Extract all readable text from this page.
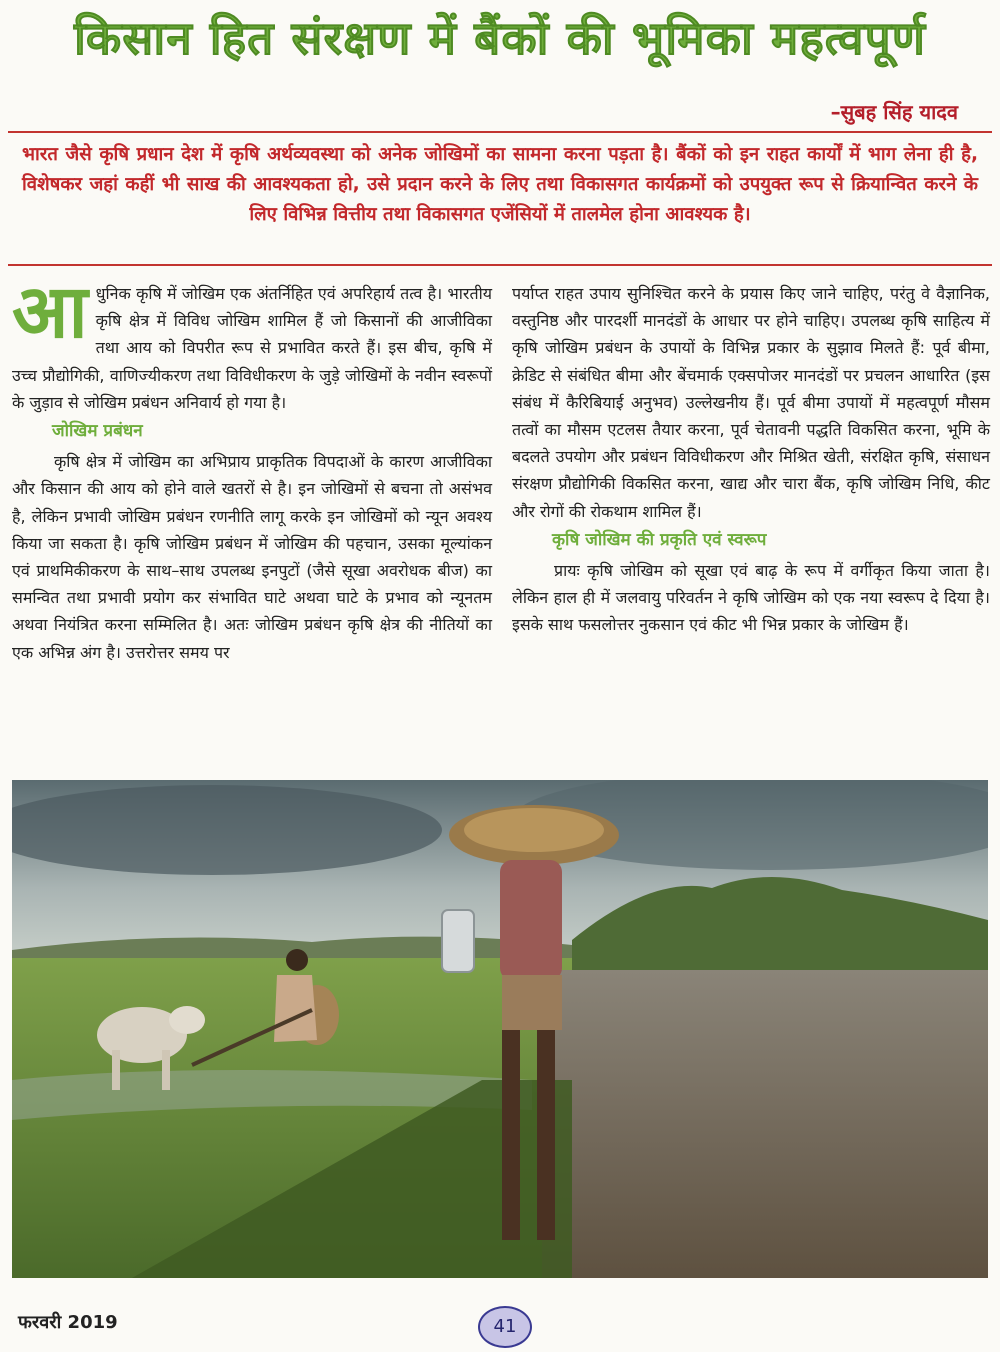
किसान हित संरक्षण में बैंकों की भूमिका महत्वपूर्ण
–सुबह सिंह यादव
भारत जैसे कृषि प्रधान देश में कृषि अर्थव्यवस्था को अनेक जोखिमों का सामना करना पड़ता है। बैंकों को इन राहत कार्यों में भाग लेना ही है, विशेषकर जहां कहीं भी साख की आवश्यकता हो, उसे प्रदान करने के लिए तथा विकासगत कार्यक्रमों को उपयुक्त रूप से क्रियान्वित करने के लिए विभिन्न वित्तीय तथा विकासगत एजेंसियों में तालमेल होना आवश्यक है।

आधुनिक कृषि में जोखिम एक अंतर्निहित एवं अपरिहार्य तत्व है। भारतीय कृषि क्षेत्र में विविध जोखिम शामिल हैं जो किसानों की आजीविका तथा आय को विपरीत रूप से प्रभावित करते हैं। इस बीच, कृषि में उच्च प्रौद्योगिकी, वाणिज्यीकरण तथा विविधीकरण के जुड़े जोखिमों के नवीन स्वरूपों के जुड़ाव से जोखिम प्रबंधन अनिवार्य हो गया है।

जोखिम प्रबंधन

कृषि क्षेत्र में जोखिम का अभिप्राय प्राकृतिक विपदाओं के कारण आजीविका और किसान की आय को होने वाले खतरों से है। इन जोखिमों से बचना तो असंभव है, लेकिन प्रभावी जोखिम प्रबंधन रणनीति लागू करके इन जोखिमों को न्यून अवश्य किया जा सकता है। कृषि जोखिम प्रबंधन में जोखिम की पहचान, उसका मूल्यांकन एवं प्राथमिकीकरण के साथ–साथ उपलब्ध इनपुटों (जैसे सूखा अवरोधक बीज) का समन्वित तथा प्रभावी प्रयोग कर संभावित घाटे अथवा घाटे के प्रभाव को न्यूनतम अथवा नियंत्रित करना सम्मिलित है। अतः जोखिम प्रबंधन कृषि क्षेत्र की नीतियों का एक अभिन्न अंग है। उत्तरोत्तर समय पर

पर्याप्त राहत उपाय सुनिश्चित करने के प्रयास किए जाने चाहिए, परंतु वे वैज्ञानिक, वस्तुनिष्ठ और पारदर्शी मानदंडों के आधार पर होने चाहिए। उपलब्ध कृषि साहित्य में कृषि जोखिम प्रबंधन के उपायों के विभिन्न प्रकार के सुझाव मिलते हैं: पूर्व बीमा, क्रेडिट से संबंधित बीमा और बेंचमार्क एक्सपोजर मानदंडों पर प्रचलन आधारित (इस संबंध में कैरिबियाई अनुभव) उल्लेखनीय हैं। पूर्व बीमा उपायों में महत्वपूर्ण मौसम तत्वों का मौसम एटलस तैयार करना, पूर्व चेतावनी पद्धति विकसित करना, भूमि के बदलते उपयोग और प्रबंधन विविधीकरण और मिश्रित खेती, संरक्षित कृषि, संसाधन संरक्षण प्रौद्योगिकी विकसित करना, खाद्य और चारा बैंक, कृषि जोखिम निधि, कीट और रोगों की रोकथाम शामिल हैं।

कृषि जोखिम की प्रकृति एवं स्वरूप

प्रायः कृषि जोखिम को सूखा एवं बाढ़ के रूप में वर्गीकृत किया जाता है। लेकिन हाल ही में जलवायु परिवर्तन ने कृषि जोखिम को एक नया स्वरूप दे दिया है। इसके साथ फसलोत्तर नुकसान एवं कीट भी भिन्न प्रकार के जोखिम हैं।

फरवरी 2019	41
